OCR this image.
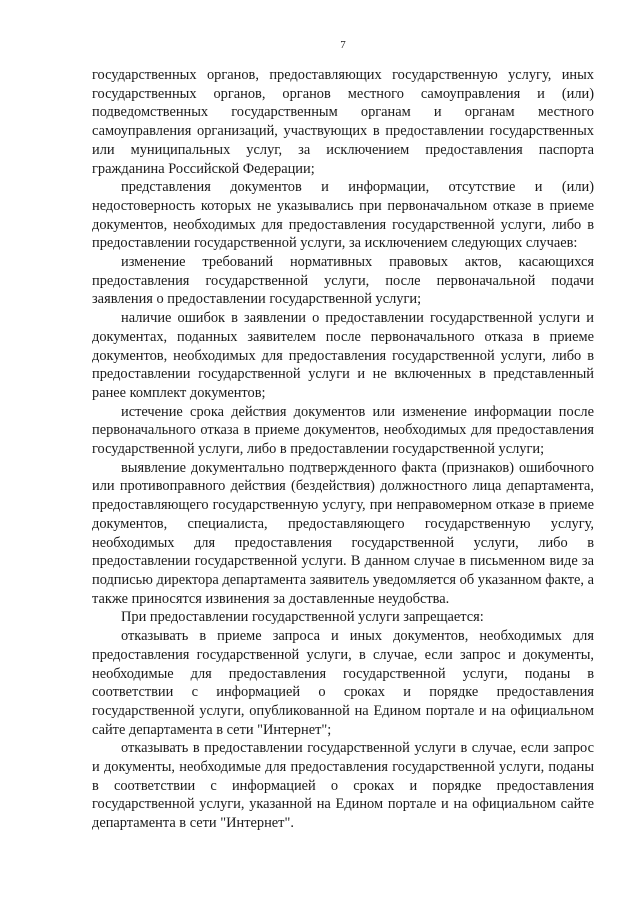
7

государственных органов, предоставляющих государственную услугу, иных государственных органов, органов местного самоуправления и (или) подведомственных государственным органам и органам местного самоуправления организаций, участвующих в предоставлении государственных или муниципальных услуг, за исключением предоставления паспорта гражданина Российской Федерации;

представления документов и информации, отсутствие и (или) недостоверность которых не указывались при первоначальном отказе в приеме документов, необходимых для предоставления государственной услуги, либо в предоставлении государственной услуги, за исключением следующих случаев:

изменение требований нормативных правовых актов, касающихся предоставления государственной услуги, после первоначальной подачи заявления о предоставлении государственной услуги;

наличие ошибок в заявлении о предоставлении государственной услуги и документах, поданных заявителем после первоначального отказа в приеме документов, необходимых для предоставления государственной услуги, либо в предоставлении государственной услуги и не включенных в представленный ранее комплект документов;

истечение срока действия документов или изменение информации после первоначального отказа в приеме документов, необходимых для предоставления государственной услуги, либо в предоставлении государственной услуги;

выявление документально подтвержденного факта (признаков) ошибочного или противоправного действия (бездействия) должностного лица департамента, предоставляющего государственную услугу, при неправомерном отказе в приеме документов, специалиста, предоставляющего государственную услугу, необходимых для предоставления государственной услуги, либо в предоставлении государственной услуги. В данном случае в письменном виде за подписью директора департамента заявитель уведомляется об указанном факте, а также приносятся извинения за доставленные неудобства.

При предоставлении государственной услуги запрещается:

отказывать в приеме запроса и иных документов, необходимых для предоставления государственной услуги, в случае, если запрос и документы, необходимые для предоставления государственной услуги, поданы в соответствии с информацией о сроках и порядке предоставления государственной услуги, опубликованной на Едином портале и на официальном сайте департамента в сети "Интернет";

отказывать в предоставлении государственной услуги в случае, если запрос и документы, необходимые для предоставления государственной услуги, поданы в соответствии с информацией о сроках и порядке предоставления государственной услуги, указанной на Едином портале и на официальном сайте департамента в сети "Интернет".
